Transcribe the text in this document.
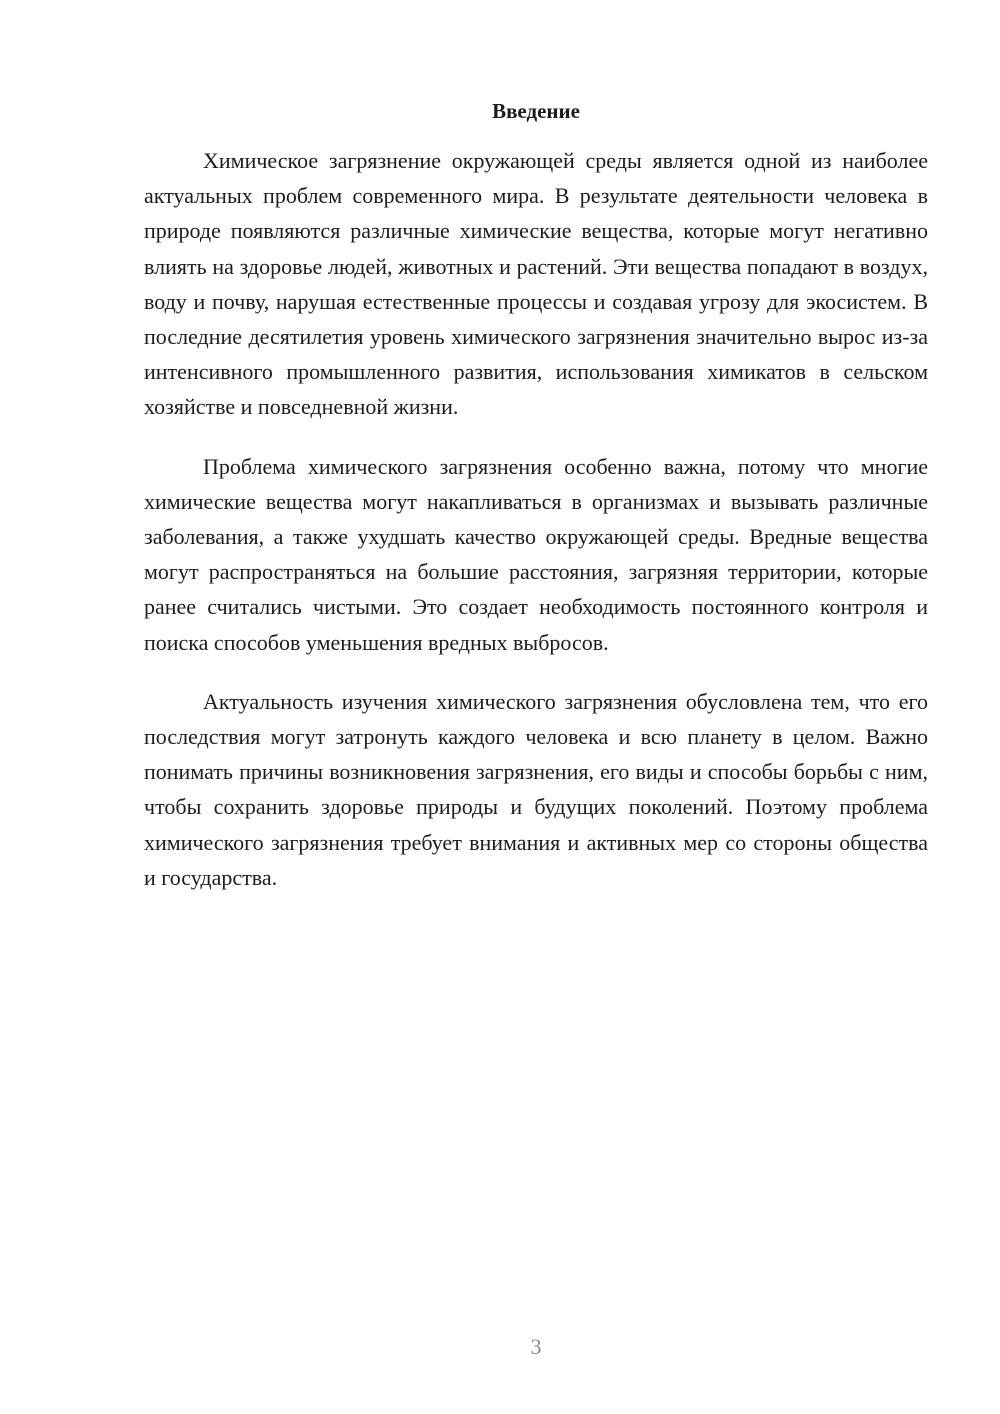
Введение

Химическое загрязнение окружающей среды является одной из наиболее актуальных проблем современного мира. В результате деятельности человека в природе появляются различные химические вещества, которые могут негативно влиять на здоровье людей, животных и растений. Эти вещества попадают в воздух, воду и почву, нарушая естественные процессы и создавая угрозу для экосистем. В последние десятилетия уровень химического загрязнения значительно вырос из-за интенсивного промышленного развития, использования химикатов в сельском хозяйстве и повседневной жизни.

Проблема химического загрязнения особенно важна, потому что многие химические вещества могут накапливаться в организмах и вызывать различные заболевания, а также ухудшать качество окружающей среды. Вредные вещества могут распространяться на большие расстояния, загрязняя территории, которые ранее считались чистыми. Это создает необходимость постоянного контроля и поиска способов уменьшения вредных выбросов.

Актуальность изучения химического загрязнения обусловлена тем, что его последствия могут затронуть каждого человека и всю планету в целом. Важно понимать причины возникновения загрязнения, его виды и способы борьбы с ним, чтобы сохранить здоровье природы и будущих поколений. Поэтому проблема химического загрязнения требует внимания и активных мер со стороны общества и государства.

3
